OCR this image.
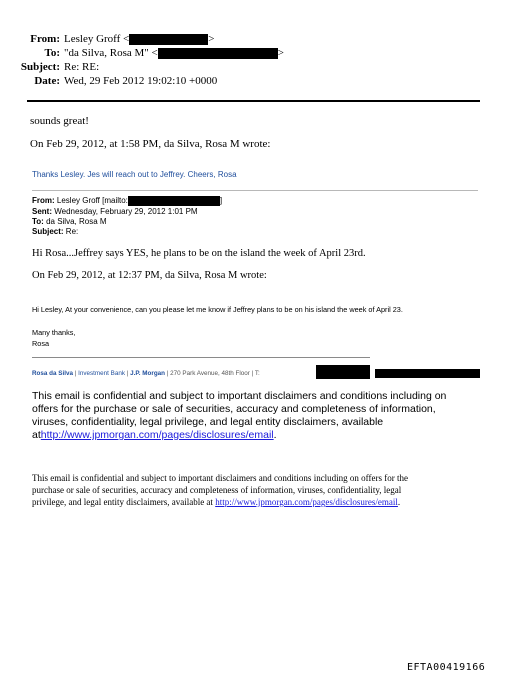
From: Lesley Groff <	>
To: "da Silva, Rosa M" <	>
Subject: Re: RE:
Date: Wed, 29 Feb 2012 19:02:10 +0000
sounds great!
On Feb 29, 2012, at 1:58 PM, da Silva, Rosa M wrote:
Thanks Lesley. Jes will reach out to Jeffrey. Cheers, Rosa
From: Lesley Groff [mailto:	]
Sent: Wednesday, February 29, 2012 1:01 PM
To: da Silva, Rosa M
Subject: Re:
Hi Rosa...Jeffrey says YES, he plans to be on the island the week of April 23rd.
On Feb 29, 2012, at 12:37 PM, da Silva, Rosa M wrote:
Hi Lesley, At your convenience, can you please let me know if Jeffrey plans to be on his island the week of April 23.
Many thanks,
Rosa
Rosa da Silva | Investment Bank | J.P. Morgan | 270 Park Avenue, 48th Floor | T:
This email is confidential and subject to important disclaimers and conditions including on
offers for the purchase or sale of securities, accuracy and completeness of information,
viruses, confidentiality, legal privilege, and legal entity disclaimers, available
athttp://www.jpmorgan.com/pages/disclosures/email.
This email is confidential and subject to important disclaimers and conditions including on offers for the
purchase or sale of securities, accuracy and completeness of information, viruses, confidentiality, legal
privilege, and legal entity disclaimers, available at http://www.jpmorgan.com/pages/disclosures/email.
EFTA00419166
